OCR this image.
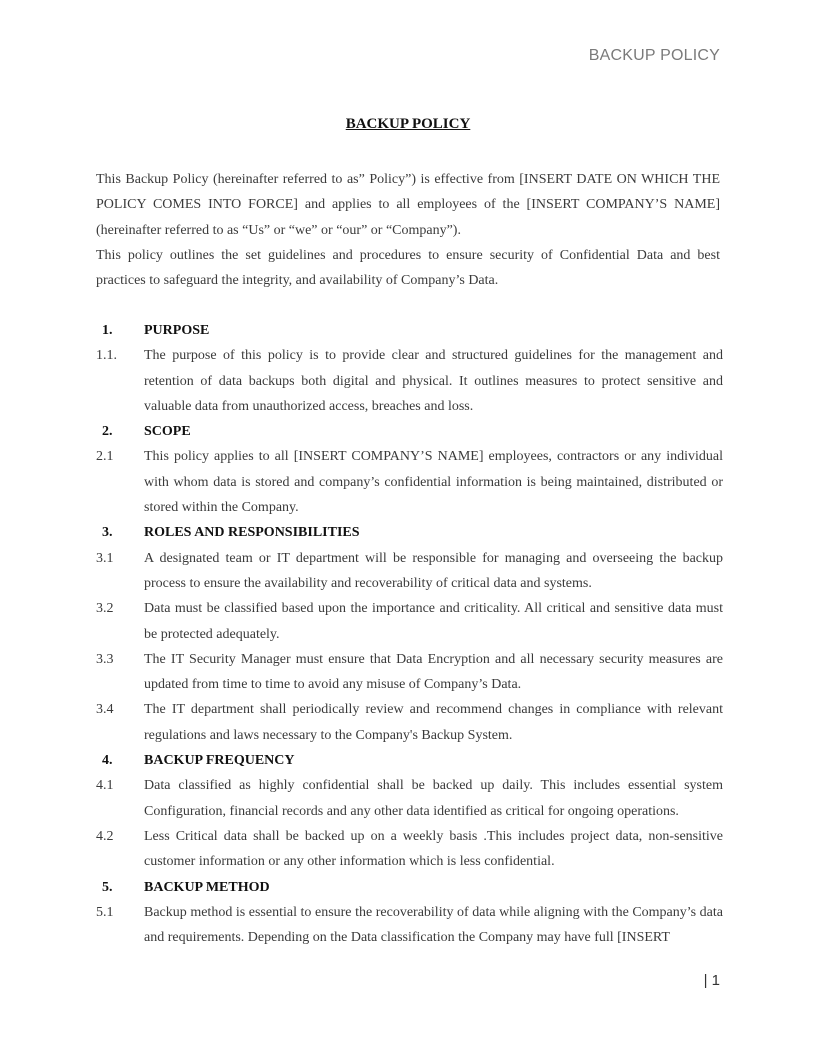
BACKUP POLICY
BACKUP POLICY

This Backup Policy (hereinafter referred to as” Policy”) is effective from [INSERT DATE ON WHICH THE POLICY COMES INTO FORCE] and applies to all employees of the [INSERT COMPANY’S NAME] (hereinafter referred to as “Us” or “we” or “our” or “Company”).

This policy outlines the set guidelines and procedures to ensure security of Confidential Data and best practices to safeguard the integrity, and availability of Company’s Data.

1.	PURPOSE
1.1.	The purpose of this policy is to provide clear and structured guidelines for the management and retention of data backups both digital and physical. It outlines measures to protect sensitive and valuable data from unauthorized access, breaches and loss.
2.	SCOPE
2.1	This policy applies to all [INSERT COMPANY’S NAME] employees, contractors or any individual with whom data is stored and company’s confidential information is being maintained, distributed or stored within the Company.
3.	ROLES AND RESPONSIBILITIES
3.1	A designated team or IT department will be responsible for managing and overseeing the backup process to ensure the availability and recoverability of critical data and systems.
3.2	Data must be classified based upon the importance and criticality. All critical and sensitive data must be protected adequately.
3.3	The IT Security Manager must ensure that Data Encryption and all necessary security measures are updated from time to time to avoid any misuse of Company’s Data.
3.4	The IT department shall periodically review and recommend changes in compliance with relevant regulations and laws necessary to the Company's Backup System.
4.	BACKUP FREQUENCY
4.1	Data classified as highly confidential shall be backed up daily. This includes essential system Configuration, financial records and any other data identified as critical for ongoing operations.
4.2	Less Critical data shall be backed up on a weekly basis .This includes project data, non-sensitive customer information or any other information which is less confidential.
5.	BACKUP METHOD
5.1	Backup method is essential to ensure the recoverability of data while aligning with the Company’s data and requirements. Depending on the Data classification the Company may have full [INSERT
| 1
